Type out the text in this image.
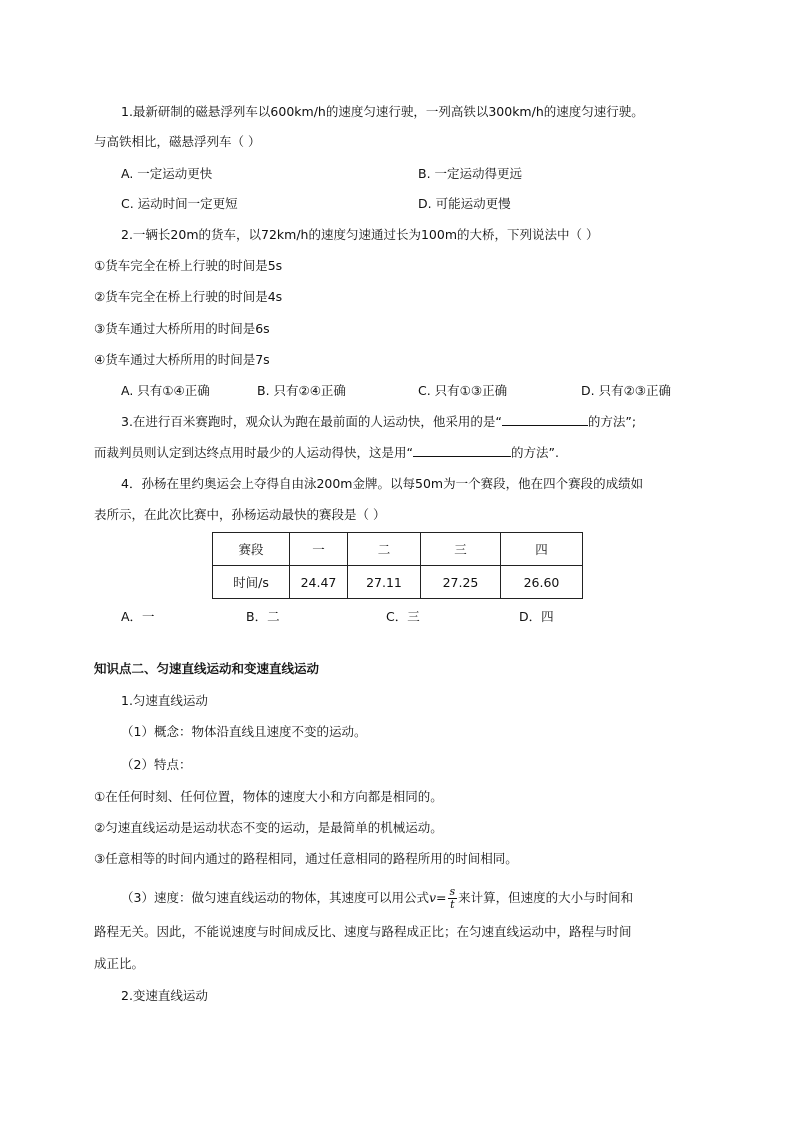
1.最新研制的磁悬浮列车以600km/h的速度匀速行驶，一列高铁以300km/h的速度匀速行驶。
与高铁相比，磁悬浮列车（ ）
A. 一定运动更快	B. 一定运动得更远
C. 运动时间一定更短	D. 可能运动更慢
2.一辆长20m的货车，以72km/h的速度匀速通过长为100m的大桥，下列说法中（ ）
①货车完全在桥上行驶的时间是5s
②货车完全在桥上行驶的时间是4s
③货车通过大桥所用的时间是6s
④货车通过大桥所用的时间是7s
A. 只有①④正确	B. 只有②④正确	C. 只有①③正确	D. 只有②③正确
3.在进行百米赛跑时，观众认为跑在最前面的人运动快，他采用的是“	的方法”;
而裁判员则认定到达终点用时最少的人运动得快，这是用“	的方法”.
4．孙杨在里约奥运会上夺得自由泳200m金牌。以每50m为一个赛段，他在四个赛段的成绩如
表所示，在此次比赛中，孙杨运动最快的赛段是（ ）
赛段	一	二	三	四
时间/s	24.47	27.11	27.25	26.60
A．一	B．二	C．三	D．四
知识点二、匀速直线运动和变速直线运动
1.匀速直线运动
（1）概念：物体沿直线且速度不变的运动。
（2）特点：
①在任何时刻、任何位置，物体的速度大小和方向都是相同的。
②匀速直线运动是运动状态不变的运动，是最简单的机械运动。
③任意相等的时间内通过的路程相同，通过任意相同的路程所用的时间相同。
（3）速度：做匀速直线运动的物体，其速度可以用公式$v= \frac{s}{t}$ 来计算，但速度的大小与时间和
路程无关。因此，不能说速度与时间成反比、速度与路程成正比；在匀速直线运动中，路程与时间
成正比。
2.变速直线运动
